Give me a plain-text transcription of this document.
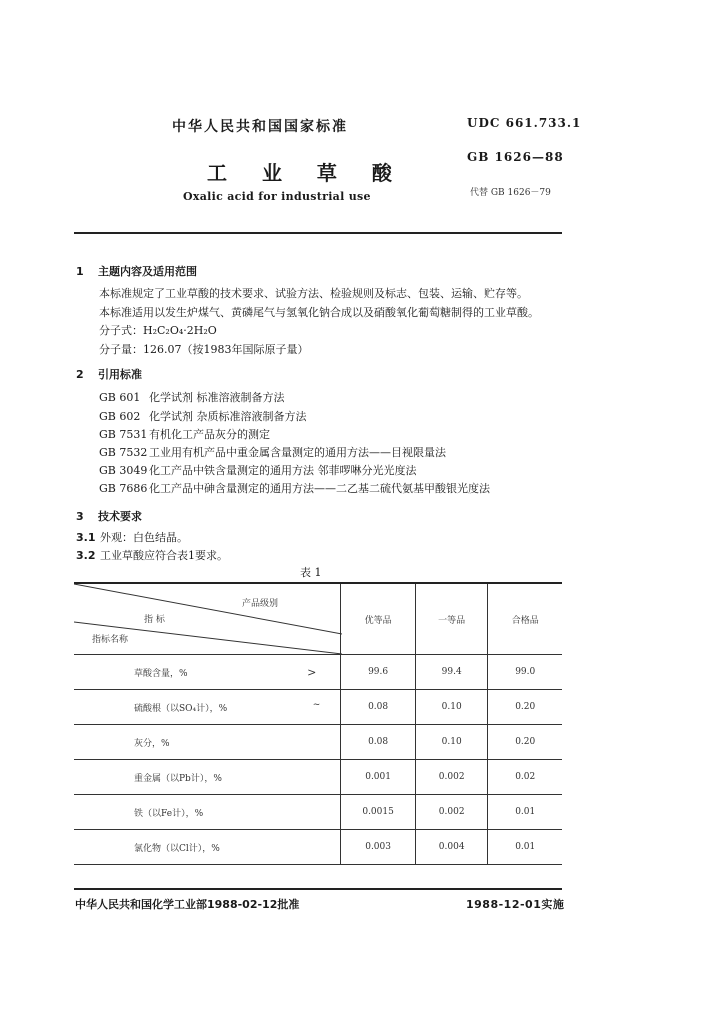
中华人民共和国国家标准
工 业 草 酸
Oxalic acid for industrial use
UDC 661.733.1
GB 1626—88
代替 GB 1626－79
1 主题内容及适用范围
本标准规定了工业草酸的技术要求、试验方法、检验规则及标志、包装、运输、贮存等。
本标准适用以发生炉煤气、黄磷尾气与氢氧化钠合成以及硝酸氧化葡萄糖制得的工业草酸。
分子式：H₂C₂O₄·2H₂O
分子量：126.07（按1983年国际原子量）
2 引用标准
GB 601 化学试剂 标准溶液制备方法
GB 602 化学试剂 杂质标准溶液制备方法
GB 7531 有机化工产品灰分的测定
GB 7532 工业用有机产品中重金属含量测定的通用方法——目视限量法
GB 3049 化工产品中铁含量测定的通用方法 邻菲啰啉分光光度法
GB 7686 化工产品中砷含量测定的通用方法——二乙基二硫代氨基甲酸银光度法
3 技术要求
3.1 外观：白色结晶。
3.2 工业草酸应符合表1要求。
表 1
产品级别
指 标
指标名称	优等品	一等品	合格品
草酸含量，% >	99.6	99.4	99.0
硫酸根（以SO₄计），% ~	0.08	0.10	0.20
灰分，%	0.08	0.10	0.20
重金属（以Pb计），%	0.001	0.002	0.02
铁（以Fe计），%	0.0015	0.002	0.01
氯化物（以Cl计），%	0.003	0.004	0.01
中华人民共和国化学工业部1988-02-12批准	1988-12-01实施
